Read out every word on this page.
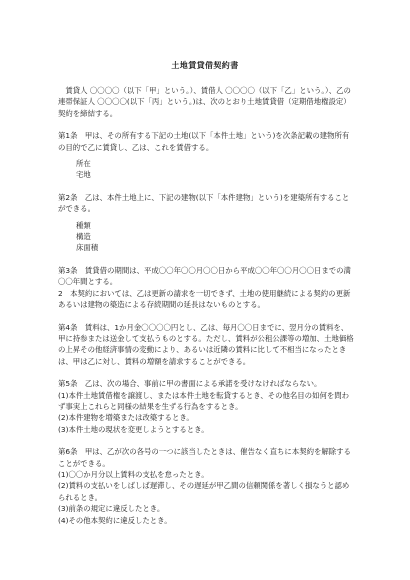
土地賃貸借契約書

　賃貸人 〇〇〇〇（以下「甲」という。）、賃借人 〇〇〇〇（以下「乙」という。）、乙の連帯保証人 〇〇〇〇(以下「丙」という。)は、次のとおり土地賃貸借（定期借地権設定）契約を締結する。

第1条　甲は、その所有する下記の土地(以下「本件土地」という)を次条記載の建物所有の目的で乙に賃貸し、乙は、これを賃借する。

所在

宅地

第2条　乙は、本件土地上に、下記の建物(以下「本件建物」という)を建築所有することができる。

種類

構造

床面積

第3条　賃貸借の期間は、平成〇〇年〇〇月〇〇日から平成〇〇年〇〇月〇〇日までの満〇〇年間とする。

2　本契約においては、乙は更新の請求を一切できず、土地の使用継続による契約の更新あるいは建物の築造による存続期間の延長はないものとする。

第4条　賃料は、1か月金〇〇〇〇円とし、乙は、毎月〇〇日までに、翌月分の賃料を、甲に持参または送金して支払うものとする。ただし、賃料が公租公課等の増加、土地価格の上昇その他経済事情の変動により、あるいは近隣の賃料に比して不相当になったときは、甲は乙に対し、賃料の増額を請求することができる。

第5条　乙は、次の場合、事前に甲の書面による承諾を受けなければならない。

(1)本件土地賃借権を譲渡し、または本件土地を転貸するとき、その他名目の如何を問わず事実上これらと同様の結果を生ずる行為をするとき。

(2)本件建物を増築または改築するとき。

(3)本件土地の現状を変更しようとするとき。

第6条　甲は、乙が次の各号の一つに該当したときは、催告なく直ちに本契約を解除することができる。

(1)〇〇か月分以上賃料の支払を怠ったとき。

(2)賃料の支払いをしばしば遅滞し、その遅延が甲乙間の信頼関係を著しく損なうと認められるとき。

(3)前条の規定に違反したとき。

(4)その他本契約に違反したとき。
